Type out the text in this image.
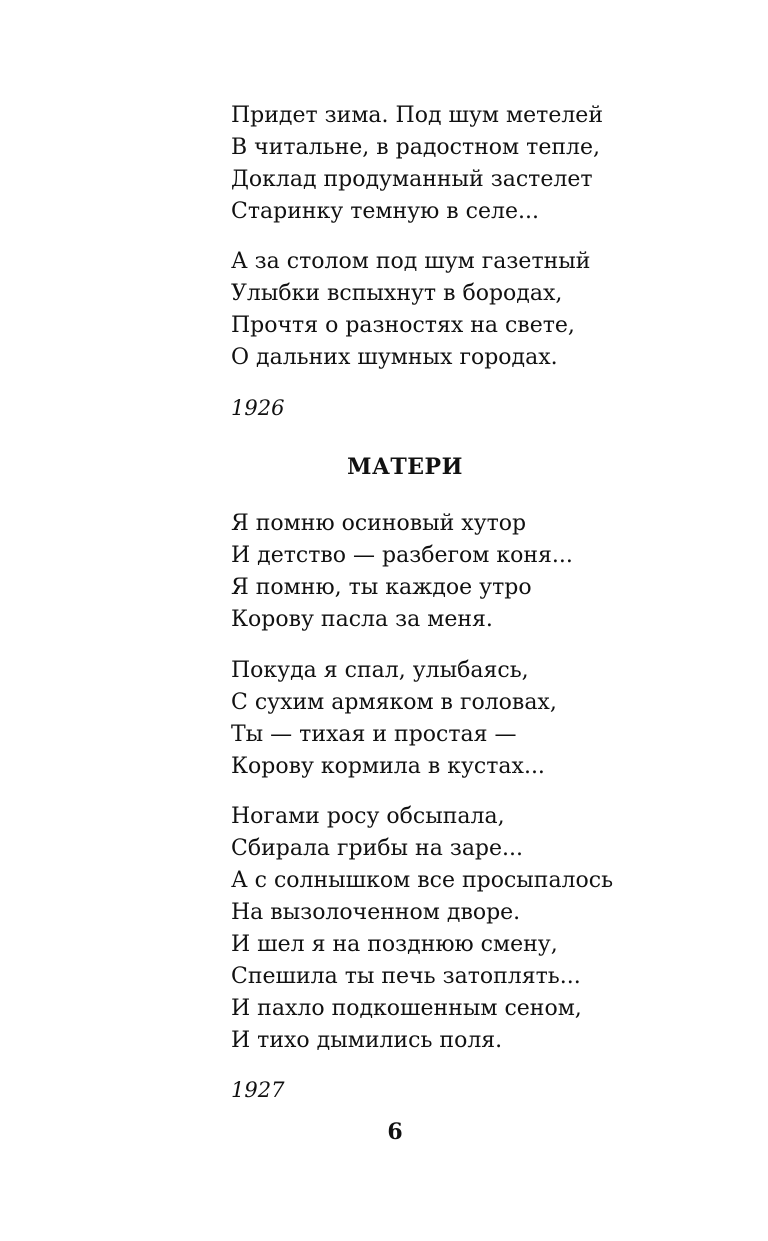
Придет зима. Под шум метелей
В читальне, в радостном тепле,
Доклад продуманный застелет
Старинку темную в селе...
А за столом под шум газетный
Улыбки вспыхнут в бородах,
Прочтя о разностях на свете,
О дальних шумных городах.
1926
МАТЕРИ
Я помню осиновый хутор
И детство — разбегом коня...
Я помню, ты каждое утро
Корову пасла за меня.
Покуда я спал, улыбаясь,
С сухим армяком в головах,
Ты — тихая и простая —
Корову кормила в кустах...
Ногами росу обсыпала,
Сбирала грибы на заре...
А с солнышком все просыпалось
На вызолоченном дворе.
И шел я на позднюю смену,
Спешила ты печь затоплять...
И пахло подкошенным сеном,
И тихо дымились поля.
1927
6
